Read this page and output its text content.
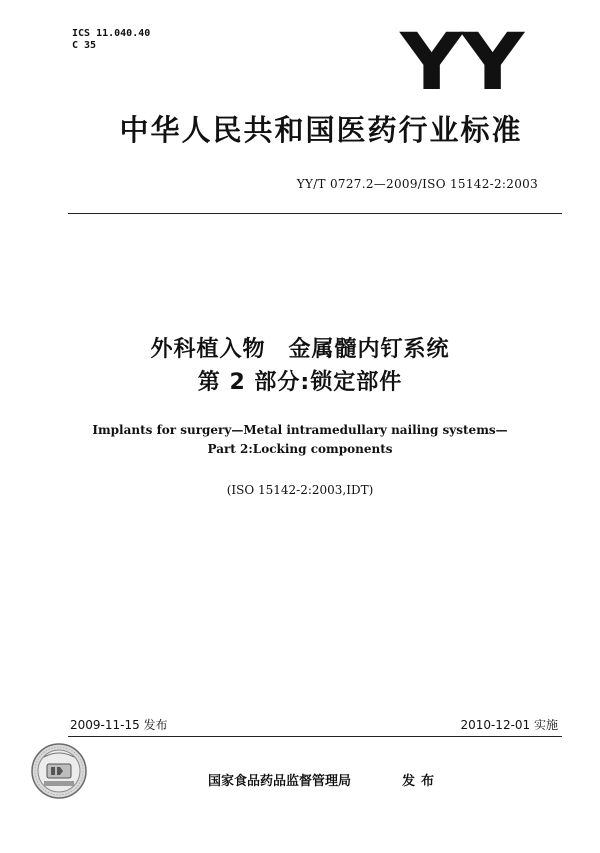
ICS 11.040.40
C 35	YY
中华人民共和国医药行业标准
YY/T 0727.2—2009/ISO 15142-2:2003
外科植入物　金属髓内钉系统
第 2 部分:锁定部件
Implants for surgery—Metal intramedullary nailing systems—
Part 2:Locking components
(ISO 15142-2:2003,IDT)
2009-11-15 发布	2010-12-01 实施
国家食品药品监督管理局	发布
